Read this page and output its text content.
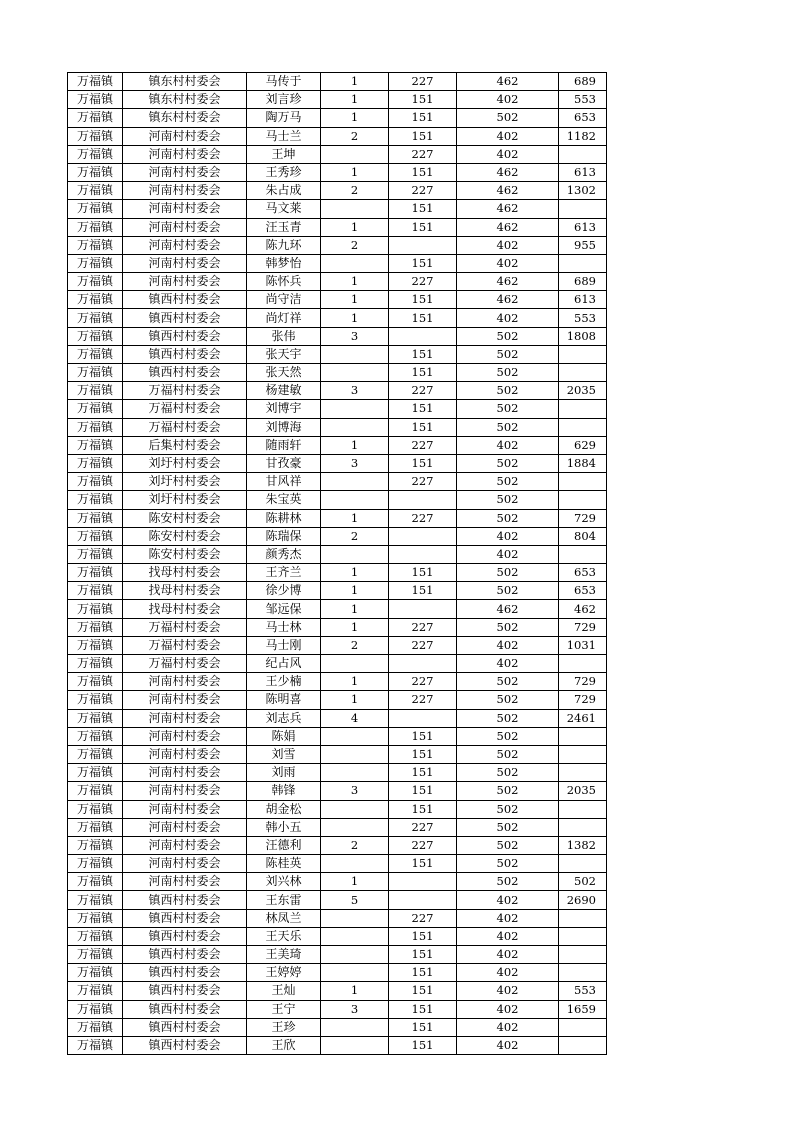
万福镇	镇东村村委会	马传于	1	227	462	689
万福镇	镇东村村委会	刘言珍	1	151	402	553
万福镇	镇东村村委会	陶万马	1	151	502	653
万福镇	河南村村委会	马士兰	2	151	402	1182
万福镇	河南村村委会	王坤		227	402	
万福镇	河南村村委会	王秀珍	1	151	462	613
万福镇	河南村村委会	朱占成	2	227	462	1302
万福镇	河南村村委会	马文莱		151	462	
万福镇	河南村村委会	汪玉青	1	151	462	613
万福镇	河南村村委会	陈九环	2		402	955
万福镇	河南村村委会	韩梦怡		151	402	
万福镇	河南村村委会	陈怀兵	1	227	462	689
万福镇	镇西村村委会	尚守洁	1	151	462	613
万福镇	镇西村村委会	尚灯祥	1	151	402	553
万福镇	镇西村村委会	张伟	3		502	1808
万福镇	镇西村村委会	张天宇		151	502	
万福镇	镇西村村委会	张天然		151	502	
万福镇	万福村村委会	杨建敏	3	227	502	2035
万福镇	万福村村委会	刘博宇		151	502	
万福镇	万福村村委会	刘博海		151	502	
万福镇	后集村村委会	随雨轩	1	227	402	629
万福镇	刘圩村村委会	甘孜豪	3	151	502	1884
万福镇	刘圩村村委会	甘风祥		227	502	
万福镇	刘圩村村委会	朱宝英			502	
万福镇	陈安村村委会	陈耕林	1	227	502	729
万福镇	陈安村村委会	陈瑞保	2		402	804
万福镇	陈安村村委会	颜秀杰			402	
万福镇	找母村村委会	王齐兰	1	151	502	653
万福镇	找母村村委会	徐少博	1	151	502	653
万福镇	找母村村委会	邹远保	1		462	462
万福镇	万福村村委会	马士林	1	227	502	729
万福镇	万福村村委会	马士刚	2	227	402	1031
万福镇	万福村村委会	纪占风			402	
万福镇	河南村村委会	王少楠	1	227	502	729
万福镇	河南村村委会	陈明喜	1	227	502	729
万福镇	河南村村委会	刘志兵	4		502	2461
万福镇	河南村村委会	陈娟		151	502	
万福镇	河南村村委会	刘雪		151	502	
万福镇	河南村村委会	刘雨		151	502	
万福镇	河南村村委会	韩锋	3	151	502	2035
万福镇	河南村村委会	胡金松		151	502	
万福镇	河南村村委会	韩小五		227	502	
万福镇	河南村村委会	汪德利	2	227	502	1382
万福镇	河南村村委会	陈桂英		151	502	
万福镇	河南村村委会	刘兴林	1		502	502
万福镇	镇西村村委会	王东雷	5		402	2690
万福镇	镇西村村委会	林凤兰		227	402	
万福镇	镇西村村委会	王天乐		151	402	
万福镇	镇西村村委会	王美琦		151	402	
万福镇	镇西村村委会	王婷婷		151	402	
万福镇	镇西村村委会	王灿	1	151	402	553
万福镇	镇西村村委会	王宁	3	151	402	1659
万福镇	镇西村村委会	王珍		151	402	
万福镇	镇西村村委会	王欣		151	402	
